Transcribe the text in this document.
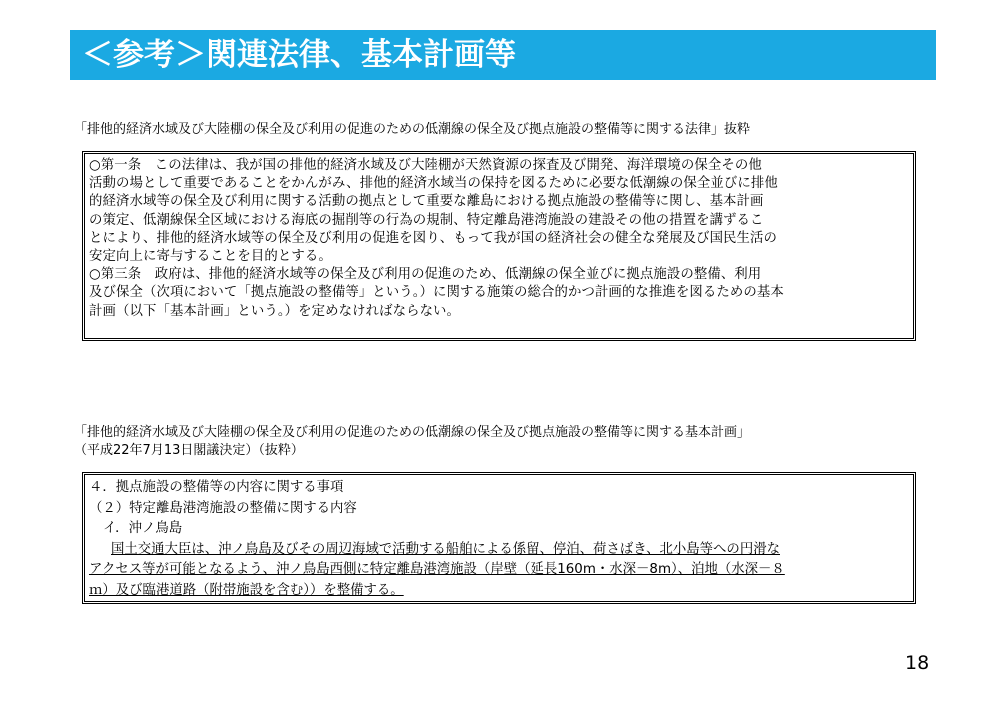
＜参考＞関連法律、基本計画等
「排他的経済水域及び大陸棚の保全及び利用の促進のための低潮線の保全及び拠点施設の整備等に関する法律」抜粋
○第一条　この法律は、我が国の排他的経済水域及び大陸棚が天然資源の探査及び開発、海洋環境の保全その他
活動の場として重要であることをかんがみ、排他的経済水域当の保持を図るために必要な低潮線の保全並びに排他
的経済水域等の保全及び利用に関する活動の拠点として重要な離島における拠点施設の整備等に関し、基本計画
の策定、低潮線保全区域における海底の掘削等の行為の規制、特定離島港湾施設の建設その他の措置を講ずるこ
とにより、排他的経済水域等の保全及び利用の促進を図り、もって我が国の経済社会の健全な発展及び国民生活の
安定向上に寄与することを目的とする。
○第三条　政府は、排他的経済水域等の保全及び利用の促進のため、低潮線の保全並びに拠点施設の整備、利用
及び保全（次項において「拠点施設の整備等」という。）に関する施策の総合的かつ計画的な推進を図るための基本
計画（以下「基本計画」という。）を定めなければならない。
「排他的経済水域及び大陸棚の保全及び利用の促進のための低潮線の保全及び拠点施設の整備等に関する基本計画」
（平成22年7月13日閣議決定）（抜粋）
４．拠点施設の整備等の内容に関する事項
（２）特定離島港湾施設の整備に関する内容
イ．沖ノ鳥島
国土交通大臣は、沖ノ鳥島及びその周辺海域で活動する船舶による係留、停泊、荷さばき、北小島等への円滑な
アクセス等が可能となるよう、沖ノ鳥島西側に特定離島港湾施設（岸壁（延長160m・水深－8m）、泊地（水深－８
ｍ）及び臨港道路（附帯施設を含む））を整備する。
18
